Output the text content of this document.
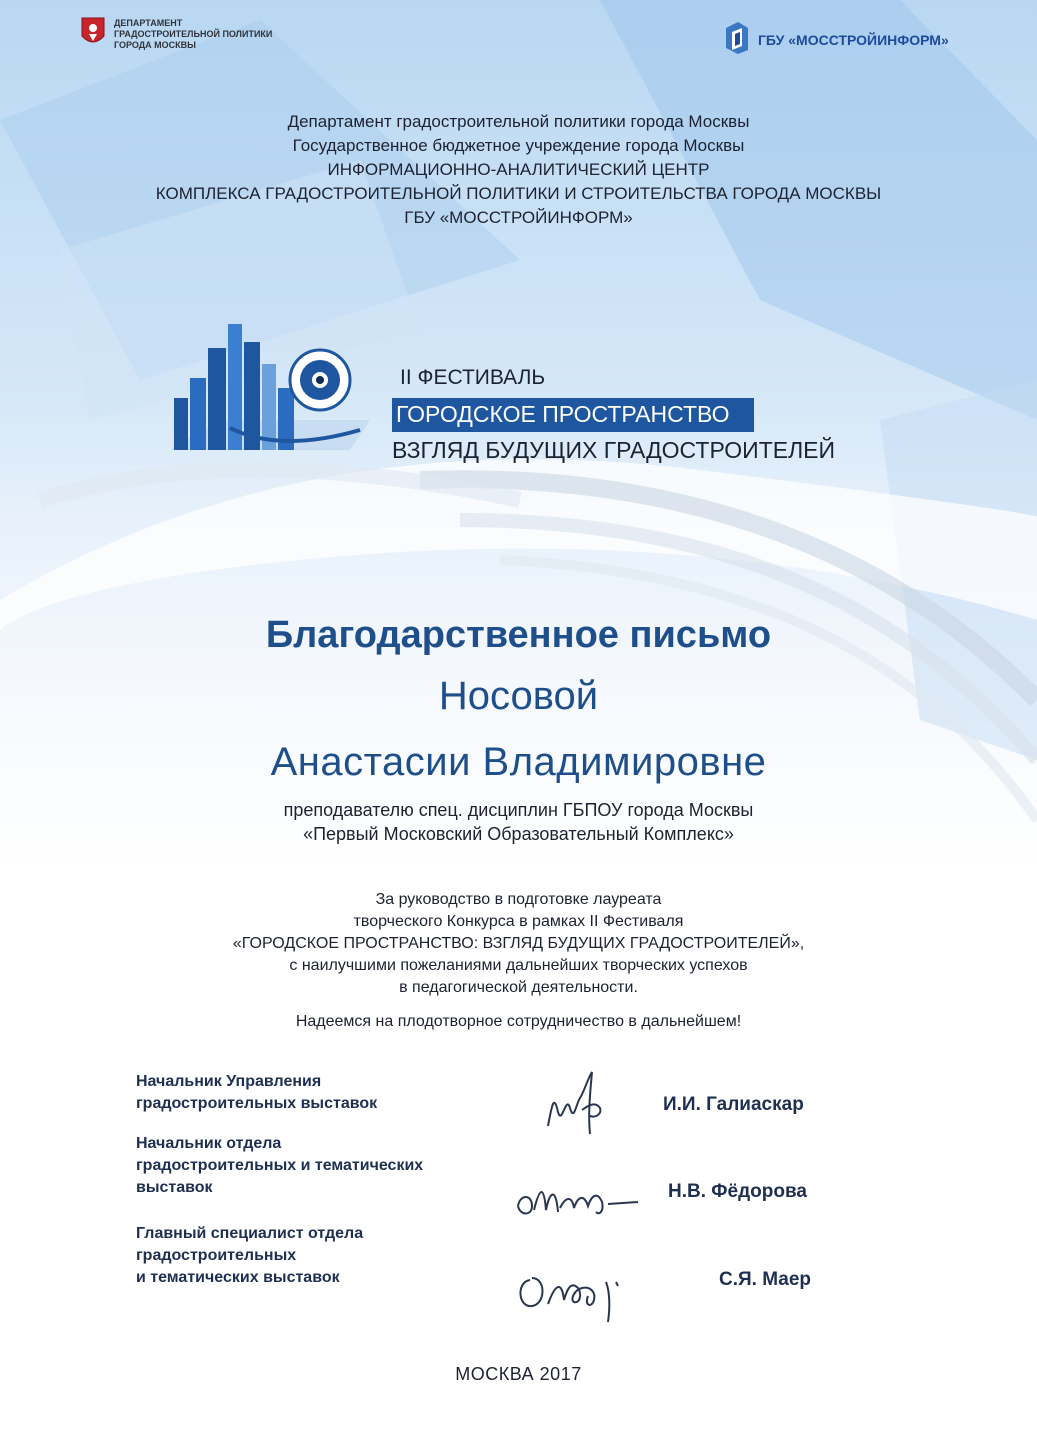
ДЕПАРТАМЕНТ
ГРАДОСТРОИТЕЛЬНОЙ ПОЛИТИКИ
ГОРОДА МОСКВЫ	ГБУ «МОССТРОЙИНФОРМ»
Департамент градостроительной политики города Москвы
Государственное бюджетное учреждение города Москвы
ИНФОРМАЦИОННО-АНАЛИТИЧЕСКИЙ ЦЕНТР
КОМПЛЕКСА ГРАДОСТРОИТЕЛЬНОЙ ПОЛИТИКИ И СТРОИТЕЛЬСТВА ГОРОДА МОСКВЫ
ГБУ «МОССТРОЙИНФОРМ»
II ФЕСТИВАЛЬ
ГОРОДСКОЕ ПРОСТРАНСТВО
ВЗГЛЯД БУДУЩИХ ГРАДОСТРОИТЕЛЕЙ
Благодарственное письмо
Носовой
Анастасии Владимировне
преподавателю спец. дисциплин ГБПОУ города Москвы
«Первый Московский Образовательный Комплекс»
За руководство в подготовке лауреата
творческого Конкурса в рамках II Фестиваля
«ГОРОДСКОЕ ПРОСТРАНСТВО: ВЗГЛЯД БУДУЩИХ ГРАДОСТРОИТЕЛЕЙ»,
с наилучшими пожеланиями дальнейших творческих успехов
в педагогической деятельности.
Надеемся на плодотворное сотрудничество в дальнейшем!
Начальник Управления
градостроительных выставок	И.И. Галиаскар
Начальник отдела
градостроительных и тематических
выставок	Н.В. Фёдорова
Главный специалист отдела
градостроительных
и тематических выставок	С.Я. Маер
МОСКВА 2017
